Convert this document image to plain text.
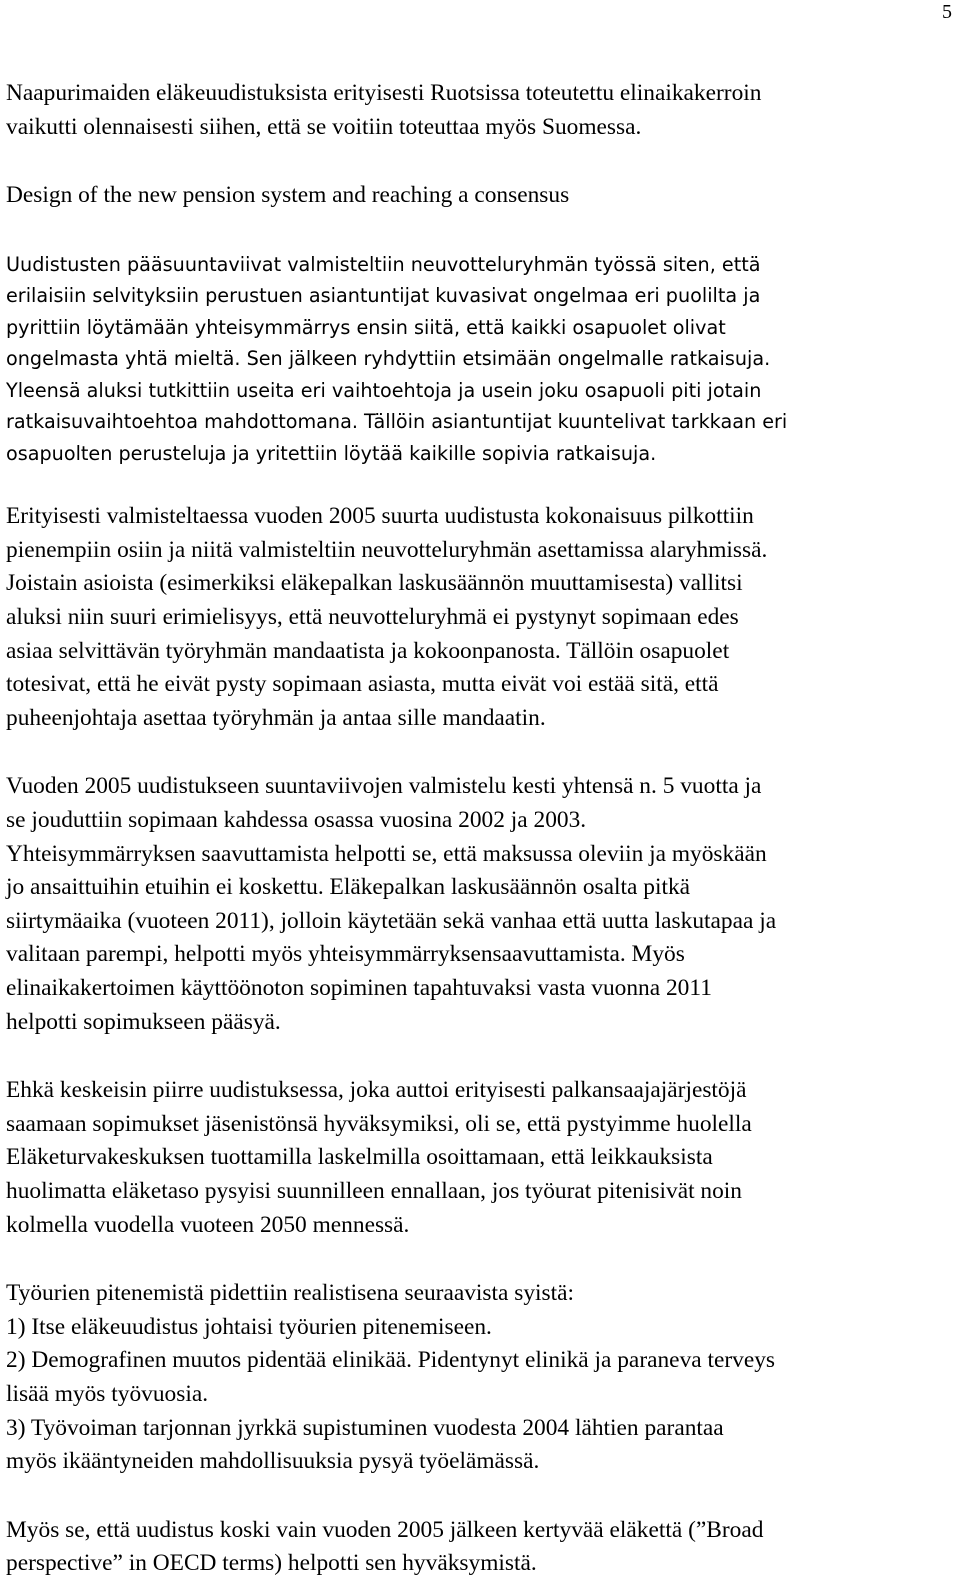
5
Naapurimaiden eläkeuudistuksista erityisesti Ruotsissa toteutettu elinaikakerroin
vaikutti olennaisesti siihen, että se voitiin toteuttaa myös Suomessa.
Design of the new pension system and reaching a consensus
Uudistusten pääsuuntaviivat valmisteltiin neuvotteluryhmän työssä siten, että
erilaisiin selvityksiin perustuen asiantuntijat kuvasivat ongelmaa eri puolilta ja
pyrittiin löytämään yhteisymmärrys ensin siitä, että kaikki osapuolet olivat
ongelmasta yhtä mieltä. Sen jälkeen ryhdyttiin etsimään ongelmalle ratkaisuja.
Yleensä aluksi tutkittiin useita eri vaihtoehtoja ja usein joku osapuoli piti jotain
ratkaisuvaihtoehtoa mahdottomana. Tällöin asiantuntijat kuuntelivat tarkkaan eri
osapuolten perusteluja ja yritettiin löytää kaikille sopivia ratkaisuja.
Erityisesti valmisteltaessa vuoden 2005 suurta uudistusta kokonaisuus pilkottiin
pienempiin osiin ja niitä valmisteltiin neuvotteluryhmän asettamissa alaryhmissä.
Joistain asioista (esimerkiksi eläkepalkan laskusäännön muuttamisesta) vallitsi
aluksi niin suuri erimielisyys, että neuvotteluryhmä ei pystynyt sopimaan edes
asiaa selvittävän työryhmän mandaatista ja kokoonpanosta. Tällöin osapuolet
totesivat, että he eivät pysty sopimaan asiasta, mutta eivät voi estää sitä, että
puheenjohtaja asettaa työryhmän ja antaa sille mandaatin.
Vuoden 2005 uudistukseen suuntaviivojen valmistelu kesti yhtensä n. 5 vuotta ja
se jouduttiin sopimaan kahdessa osassa vuosina 2002 ja 2003.
Yhteisymmärryksen saavuttamista helpotti se, että maksussa oleviin ja myöskään
jo ansaittuihin etuihin ei koskettu. Eläkepalkan laskusäännön osalta pitkä
siirtymäaika (vuoteen 2011), jolloin käytetään sekä vanhaa että uutta laskutapaa ja
valitaan parempi, helpotti myös yhteisymmärryksensaavuttamista. Myös
elinaikakertoimen käyttöönoton sopiminen tapahtuvaksi vasta vuonna 2011
helpotti sopimukseen pääsyä.
Ehkä keskeisin piirre uudistuksessa, joka auttoi erityisesti palkansaajajärjestöjä
saamaan sopimukset jäsenistönsä hyväksymiksi, oli se, että pystyimme huolella
Eläketurvakeskuksen tuottamilla laskelmilla osoittamaan, että leikkauksista
huolimatta eläketaso pysyisi suunnilleen ennallaan, jos työurat pitenisivät noin
kolmella vuodella vuoteen 2050 mennessä.
Työurien pitenemistä pidettiin realistisena seuraavista syistä:
1) Itse eläkeuudistus johtaisi työurien pitenemiseen.
2) Demografinen muutos pidentää elinikää. Pidentynyt elinikä ja paraneva terveys
lisää myös työvuosia.
3) Työvoiman tarjonnan jyrkkä supistuminen vuodesta 2004 lähtien parantaa
myös ikääntyneiden mahdollisuuksia pysyä työelämässä.
Myös se, että uudistus koski vain vuoden 2005 jälkeen kertyvää eläkettä (”Broad
perspective” in OECD terms) helpotti sen hyväksymistä.
